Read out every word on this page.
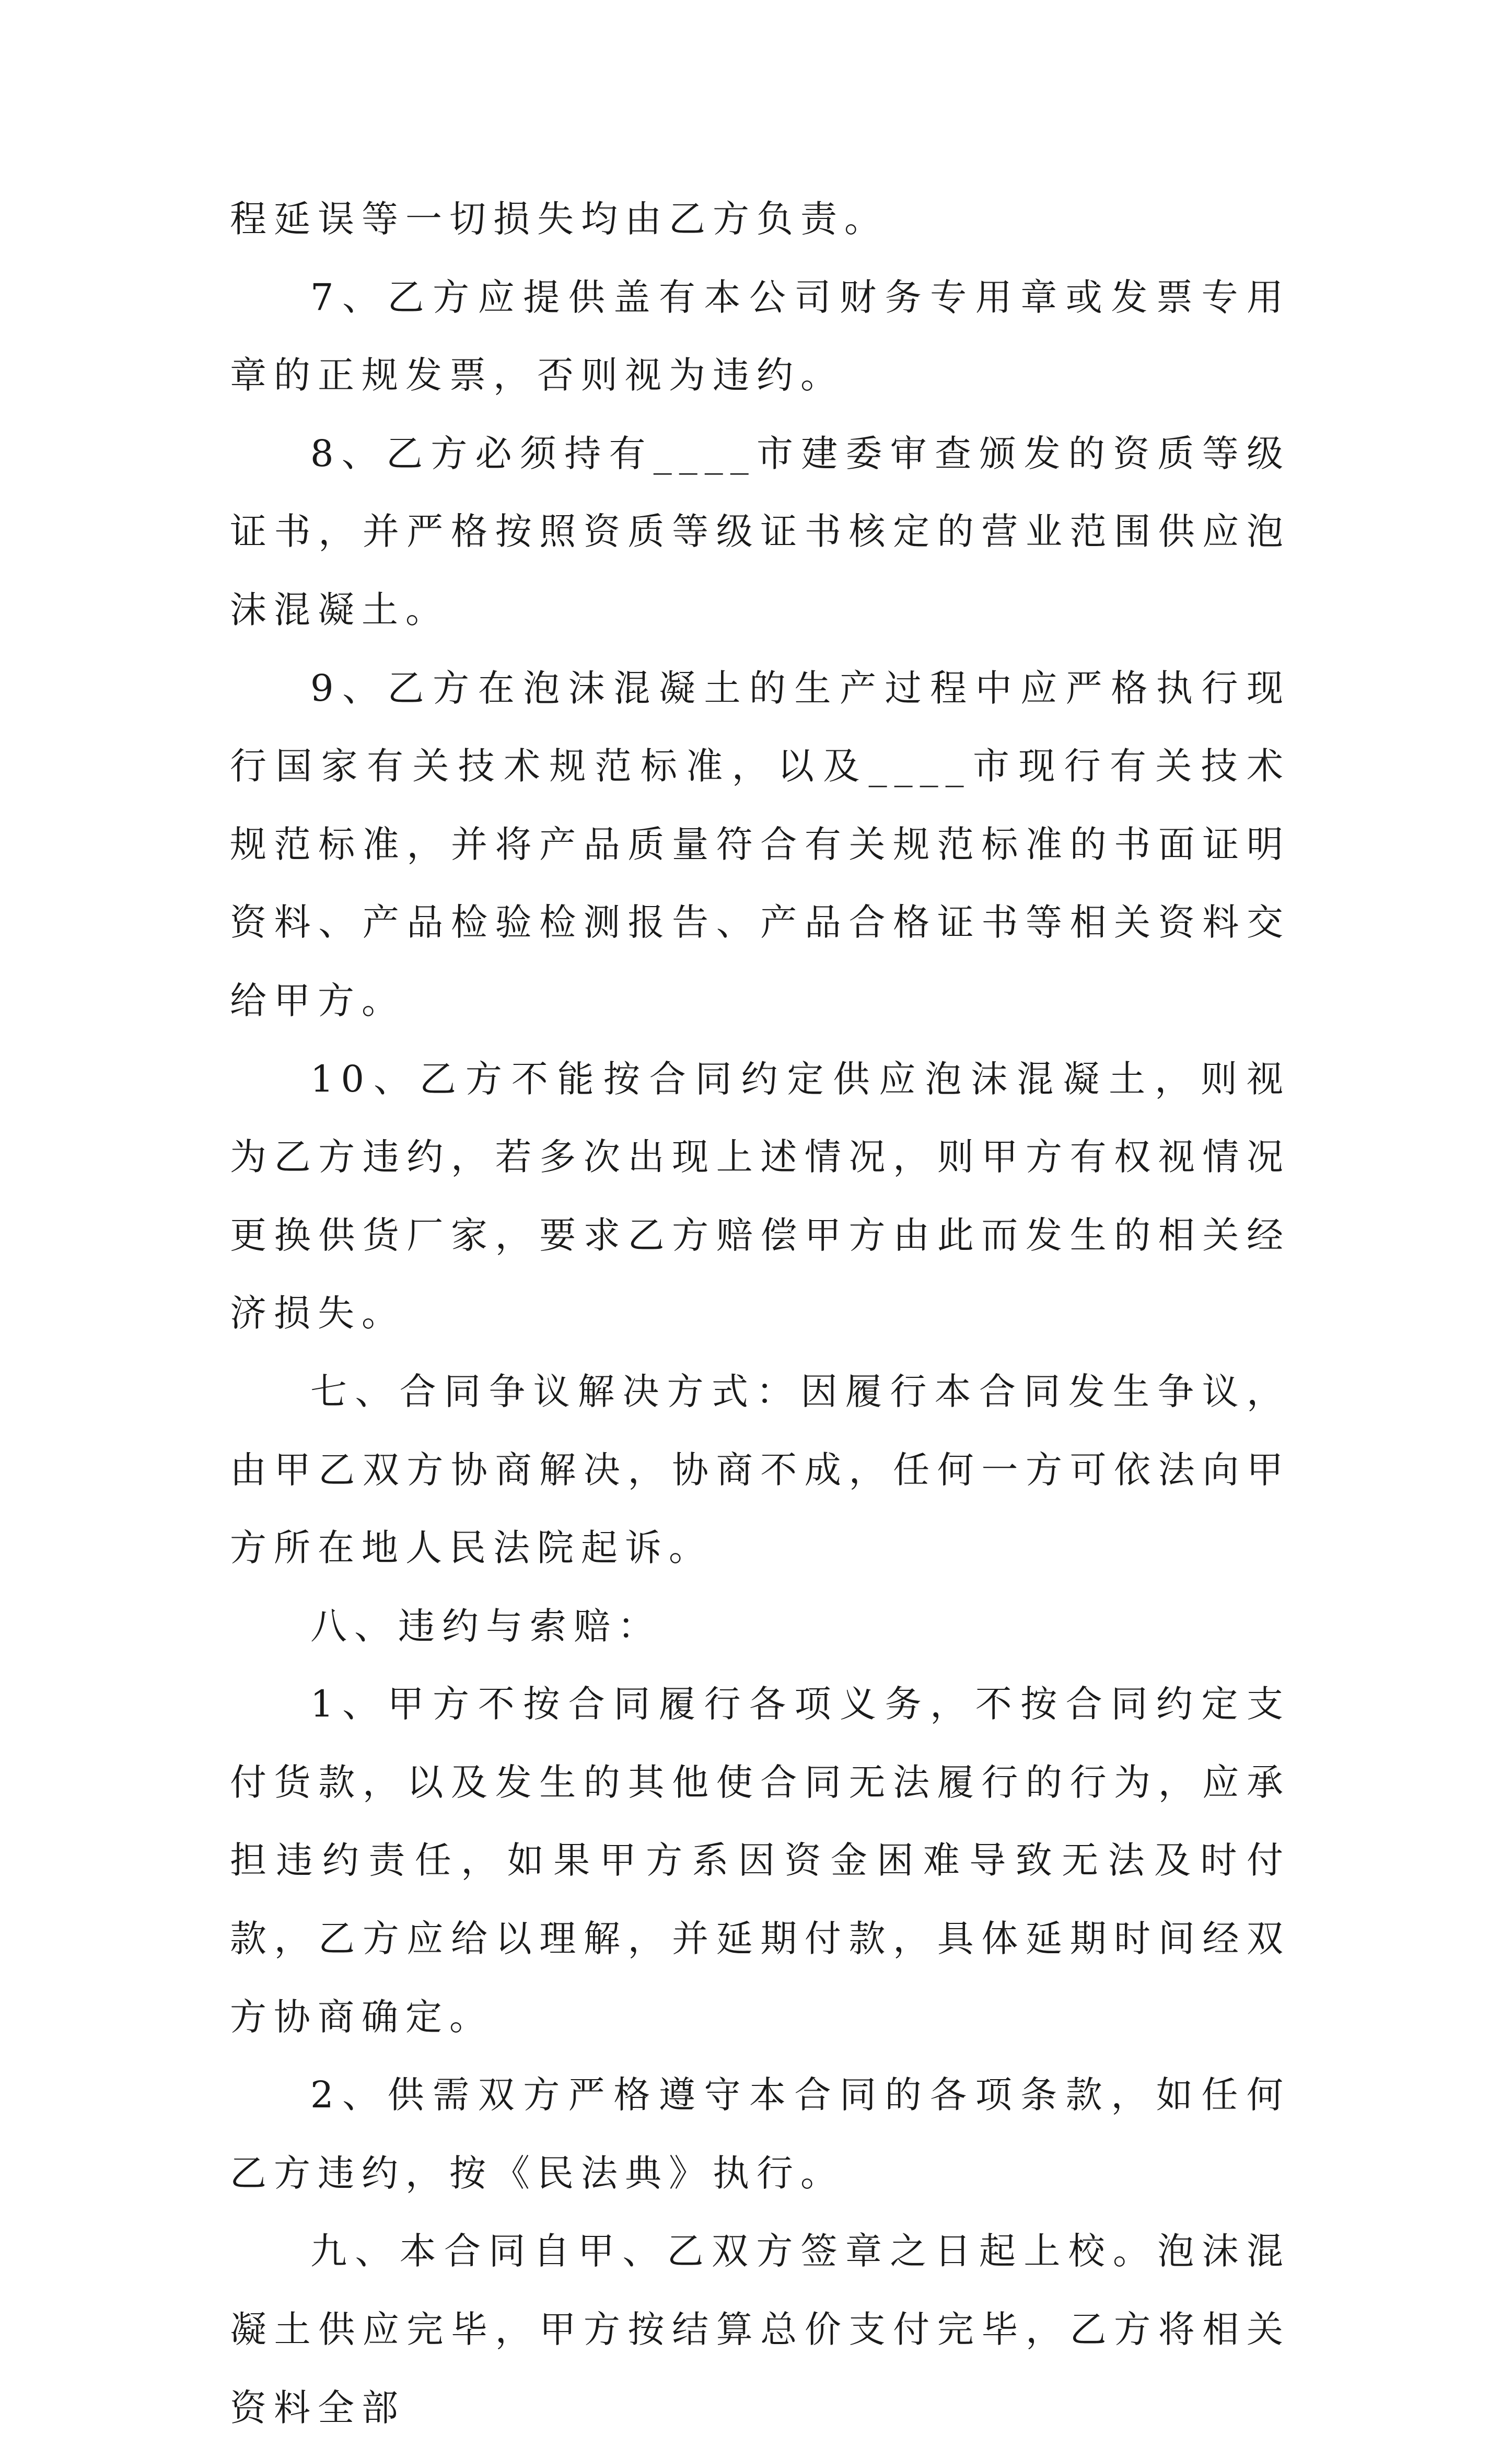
程延误等一切损失均由乙方负责。

7、乙方应提供盖有本公司财务专用章或发票专用章的正规发票，否则视为违约。

8、乙方必须持有____市建委审查颁发的资质等级证书，并严格按照资质等级证书核定的营业范围供应泡沫混凝土。

9、乙方在泡沫混凝土的生产过程中应严格执行现行国家有关技术规范标准，以及____市现行有关技术规范标准，并将产品质量符合有关规范标准的书面证明资料、产品检验检测报告、产品合格证书等相关资料交给甲方。

10、乙方不能按合同约定供应泡沫混凝土，则视为乙方违约，若多次出现上述情况，则甲方有权视情况更换供货厂家，要求乙方赔偿甲方由此而发生的相关经济损失。

七、合同争议解决方式：因履行本合同发生争议，由甲乙双方协商解决，协商不成，任何一方可依法向甲方所在地人民法院起诉。

八、违约与索赔：

1、甲方不按合同履行各项义务，不按合同约定支付货款，以及发生的其他使合同无法履行的行为，应承担违约责任，如果甲方系因资金困难导致无法及时付款，乙方应给以理解，并延期付款，具体延期时间经双方协商确定。

2、供需双方严格遵守本合同的各项条款，如任何乙方违约，按《民法典》执行。

九、本合同自甲、乙双方签章之日起上校。泡沫混凝土供应完毕，甲方按结算总价支付完毕，乙方将相关资料全部
